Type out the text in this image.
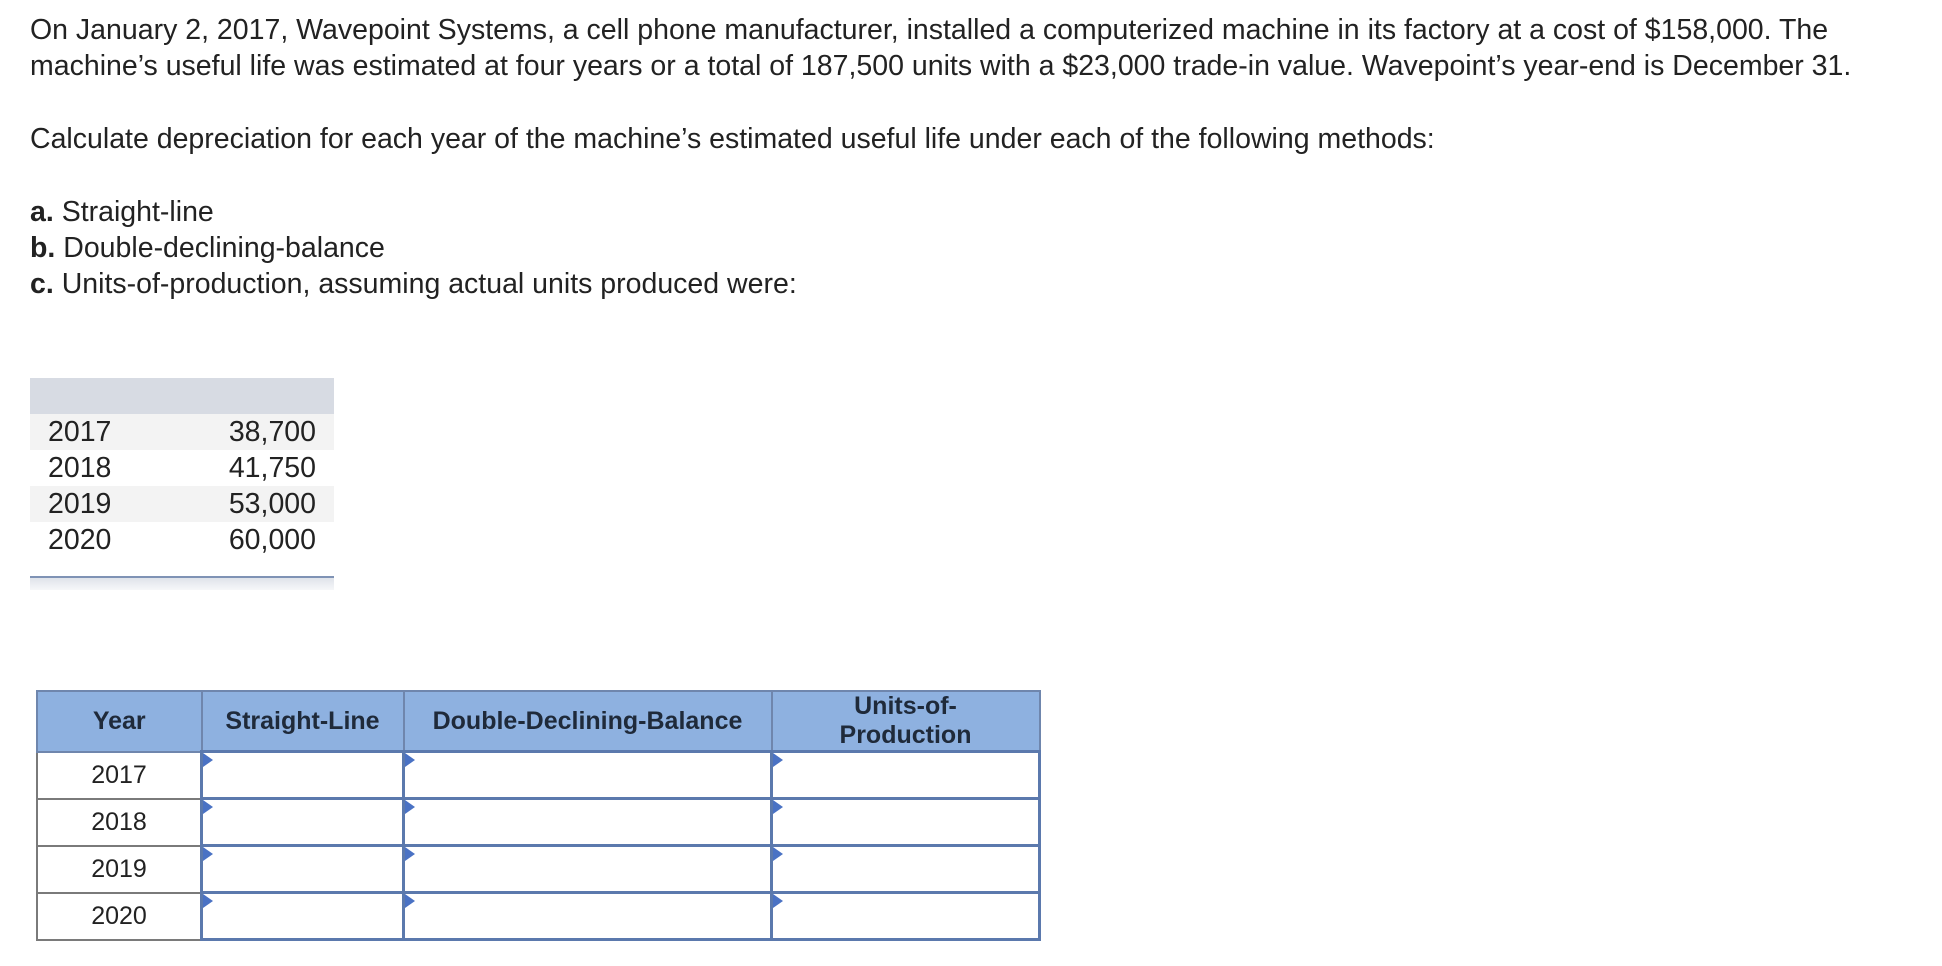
On January 2, 2017, Wavepoint Systems, a cell phone manufacturer, installed a computerized machine in its factory at a cost of $158,000. The machine’s useful life was estimated at four years or a total of 187,500 units with a $23,000 trade-in value. Wavepoint’s year-end is December 31.

Calculate depreciation for each year of the machine’s estimated useful life under each of the following methods:

a. Straight-line
b. Double-declining-balance
c. Units-of-production, assuming actual units produced were:
2017	38,700
2018	41,750
2019	53,000
2020	60,000
Year	Straight-Line	Double-Declining-Balance	Units-of-Production
2017			
2018			
2019			
2020			
